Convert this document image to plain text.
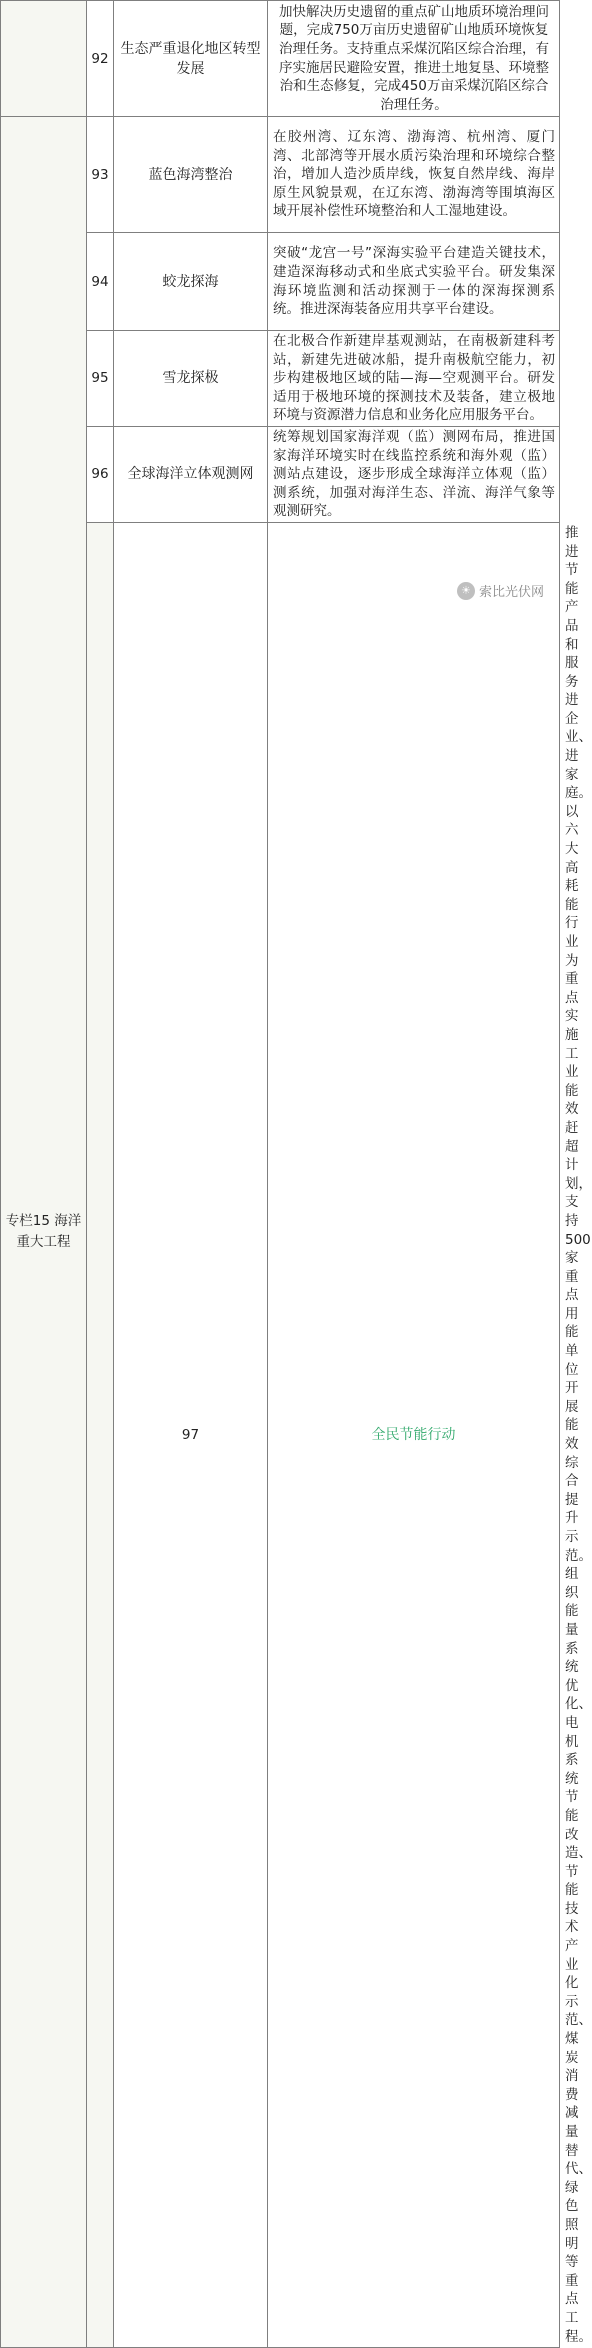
	92	生态严重退化地区转型发展	加快解决历史遗留的重点矿山地质环境治理问题，完成750万亩历史遗留矿山地质环境恢复治理任务。支持重点采煤沉陷区综合治理，有序实施居民避险安置，推进土地复垦、环境整治和生态修复，完成450万亩采煤沉陷区综合治理任务。	

专栏15 海洋重大工程	93	蓝色海湾整治	在胶州湾、辽东湾、渤海湾、杭州湾、厦门湾、北部湾等开展水质污染治理和环境综合整治，增加人造沙质岸线，恢复自然岸线、海岸原生风貌景观，在辽东湾、渤海湾等围填海区域开展补偿性环境整治和人工湿地建设。	
	94	蛟龙探海	突破“龙宫一号”深海实验平台建造关键技术，建造深海移动式和坐底式实验平台。研发集深海环境监测和活动探测于一体的深海探测系统。推进深海装备应用共享平台建设。	
	95	雪龙探极	在北极合作新建岸基观测站，在南极新建科考站，新建先进破冰船，提升南极航空能力，初步构建极地区域的陆—海—空观测平台。研发适用于极地环境的探测技术及装备，建立极地环境与资源潜力信息和业务化应用服务平台。	
	96	全球海洋立体观测网	统筹规划国家海洋观（监）测网布局，推进国家海洋环境实时在线监控系统和海外观（监）测站点建设，逐步形成全球海洋立体观（监）测系统，加强对海洋生态、洋流、海洋气象等观测研究。	
		97	全民节能行动	推进节能产品和服务进企业、进家庭。以六大高耗能行业为重点实施工业能效赶超计划，支持500家重点用能单位开展能效综合提升示范。组织能量系统优化、电机系统节能改造、节能技术产业化示范、煤炭消费减量替代、绿色照明等重点工程。
☀ 索比光伏网
